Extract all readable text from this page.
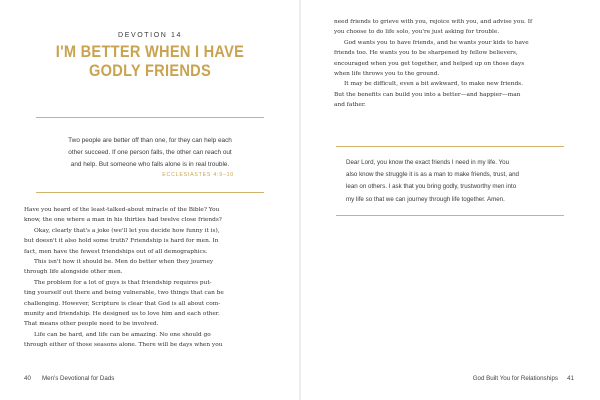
DEVOTION 14
I'M BETTER WHEN I HAVE
GODLY FRIENDS
Two people are better off than one, for they can help each
other succeed. If one person falls, the other can reach out
and help. But someone who falls alone is in real trouble.
ECCLESIASTES 4:9–10

Have you heard of the least-talked-about miracle of the Bible? You

know, the one where a man in his thirties had twelve close friends?

Okay, clearly that's a joke (we'll let you decide how funny it is),

but doesn't it also hold some truth? Friendship is hard for men. In

fact, men have the fewest friendships out of all demographics.

This isn't how it should be. Men do better when they journey

through life alongside other men.

The problem for a lot of guys is that friendship requires put-

ting yourself out there and being vulnerable, two things that can be

challenging. However, Scripture is clear that God is all about com-

munity and friendship. He designed us to love him and each other.

That means other people need to be involved.

Life can be hard, and life can be amazing. No one should go

through either of those seasons alone. There will be days when you

40 Men's Devotional for Dads

need friends to grieve with you, rejoice with you, and advise you. If

you choose to do life solo, you're just asking for trouble.

God wants you to have friends, and he wants your kids to have

friends too. He wants you to be sharpened by fellow believers,

encouraged when you get together, and helped up on those days

when life throws you to the ground.

It may be difficult, even a bit awkward, to make new friends.

But the benefits can build you into a better—and happier—man

and father.

Dear Lord, you know the exact friends I need in my life. You
also know the struggle it is as a man to make friends, trust, and
lean on others. I ask that you bring godly, trustworthy men into
my life so that we can journey through life together. Amen.
God Built You for Relationships 41
